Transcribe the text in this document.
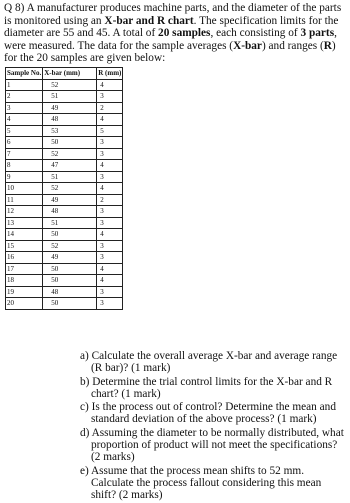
Q 8) A manufacturer produces machine parts, and the diameter of the parts is monitored using an X-bar and R chart. The specification limits for the diameter are 55 and 45. A total of 20 samples, each consisting of 3 parts, were measured. The data for the sample averages (X-bar) and ranges (R) for the 20 samples are given below:
Sample No.	X-bar (mm)	R (mm)
1	52	4
2	51	3
3	49	2
4	48	4
5	53	5
6	50	3
7	52	3
8	47	4
9	51	3
10	52	4
11	49	2
12	48	3
13	51	3
14	50	4
15	52	3
16	49	3
17	50	4
18	50	4
19	48	3
20	50	3
a) Calculate the overall average X-bar and average range (R bar)? (1 mark)
b) Determine the trial control limits for the X-bar and R chart? (1 mark)
c) Is the process out of control? Determine the mean and standard deviation of the above process? (1 mark)
d) Assuming the diameter to be normally distributed, what proportion of product will not meet the specifications? (2 marks)
e) Assume that the process mean shifts to 52 mm. Calculate the process fallout considering this mean shift? (2 marks)
